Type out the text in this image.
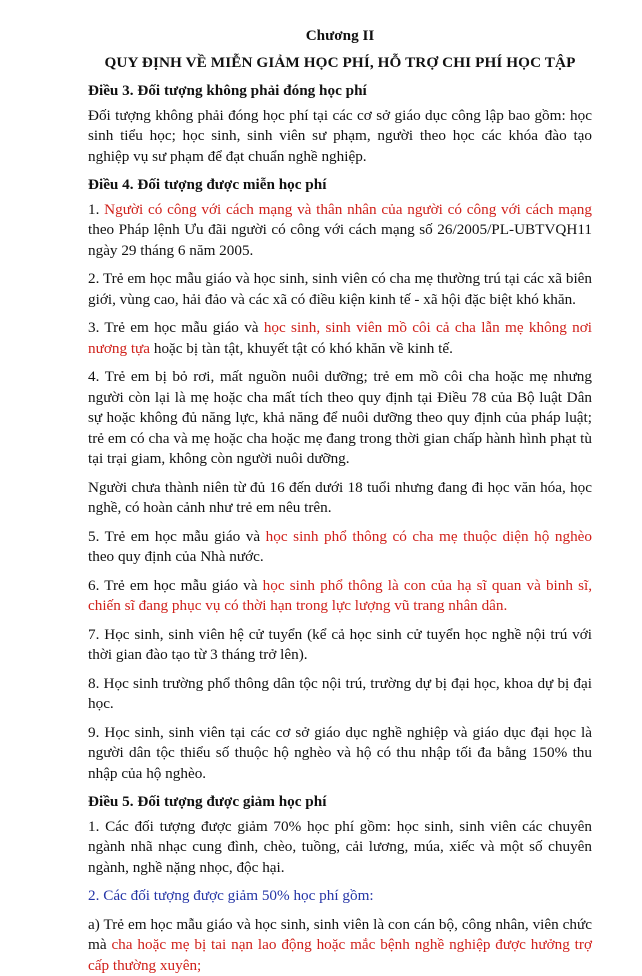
Chương II
QUY ĐỊNH VỀ MIỄN GIẢM HỌC PHÍ, HỖ TRỢ CHI PHÍ HỌC TẬP
Điều 3. Đối tượng không phải đóng học phí

Đối tượng không phải đóng học phí tại các cơ sở giáo dục công lập bao gồm: học sinh tiểu học; học sinh, sinh viên sư phạm, người theo học các khóa đào tạo nghiệp vụ sư phạm để đạt chuẩn nghề nghiệp.

Điều 4. Đối tượng được miễn học phí

1. Người có công với cách mạng và thân nhân của người có công với cách mạng theo Pháp lệnh Ưu đãi người có công với cách mạng số 26/2005/PL-UBTVQH11 ngày 29 tháng 6 năm 2005.

2. Trẻ em học mẫu giáo và học sinh, sinh viên có cha mẹ thường trú tại các xã biên giới, vùng cao, hải đảo và các xã có điều kiện kinh tế - xã hội đặc biệt khó khăn.

3. Trẻ em học mẫu giáo và học sinh, sinh viên mồ côi cả cha lẫn mẹ không nơi nương tựa hoặc bị tàn tật, khuyết tật có khó khăn về kinh tế.

4. Trẻ em bị bỏ rơi, mất nguồn nuôi dưỡng; trẻ em mồ côi cha hoặc mẹ nhưng người còn lại là mẹ hoặc cha mất tích theo quy định tại Điều 78 của Bộ luật Dân sự hoặc không đủ năng lực, khả năng để nuôi dưỡng theo quy định của pháp luật; trẻ em có cha và mẹ hoặc cha hoặc mẹ đang trong thời gian chấp hành hình phạt tù tại trại giam, không còn người nuôi dưỡng.

Người chưa thành niên từ đủ 16 đến dưới 18 tuổi nhưng đang đi học văn hóa, học nghề, có hoàn cảnh như trẻ em nêu trên.

5. Trẻ em học mẫu giáo và học sinh phổ thông có cha mẹ thuộc diện hộ nghèo theo quy định của Nhà nước.

6. Trẻ em học mẫu giáo và học sinh phổ thông là con của hạ sĩ quan và binh sĩ, chiến sĩ đang phục vụ có thời hạn trong lực lượng vũ trang nhân dân.

7. Học sinh, sinh viên hệ cử tuyển (kể cả học sinh cử tuyển học nghề nội trú với thời gian đào tạo từ 3 tháng trở lên).

8. Học sinh trường phổ thông dân tộc nội trú, trường dự bị đại học, khoa dự bị đại học.

9. Học sinh, sinh viên tại các cơ sở giáo dục nghề nghiệp và giáo dục đại học là người dân tộc thiểu số thuộc hộ nghèo và hộ có thu nhập tối đa bằng 150% thu nhập của hộ nghèo.

Điều 5. Đối tượng được giảm học phí

1. Các đối tượng được giảm 70% học phí gồm: học sinh, sinh viên các chuyên ngành nhã nhạc cung đình, chèo, tuồng, cải lương, múa, xiếc và một số chuyên ngành, nghề nặng nhọc, độc hại.

2. Các đối tượng được giảm 50% học phí gồm:

a) Trẻ em học mẫu giáo và học sinh, sinh viên là con cán bộ, công nhân, viên chức mà cha hoặc mẹ bị tai nạn lao động hoặc mắc bệnh nghề nghiệp được hưởng trợ cấp thường xuyên;
